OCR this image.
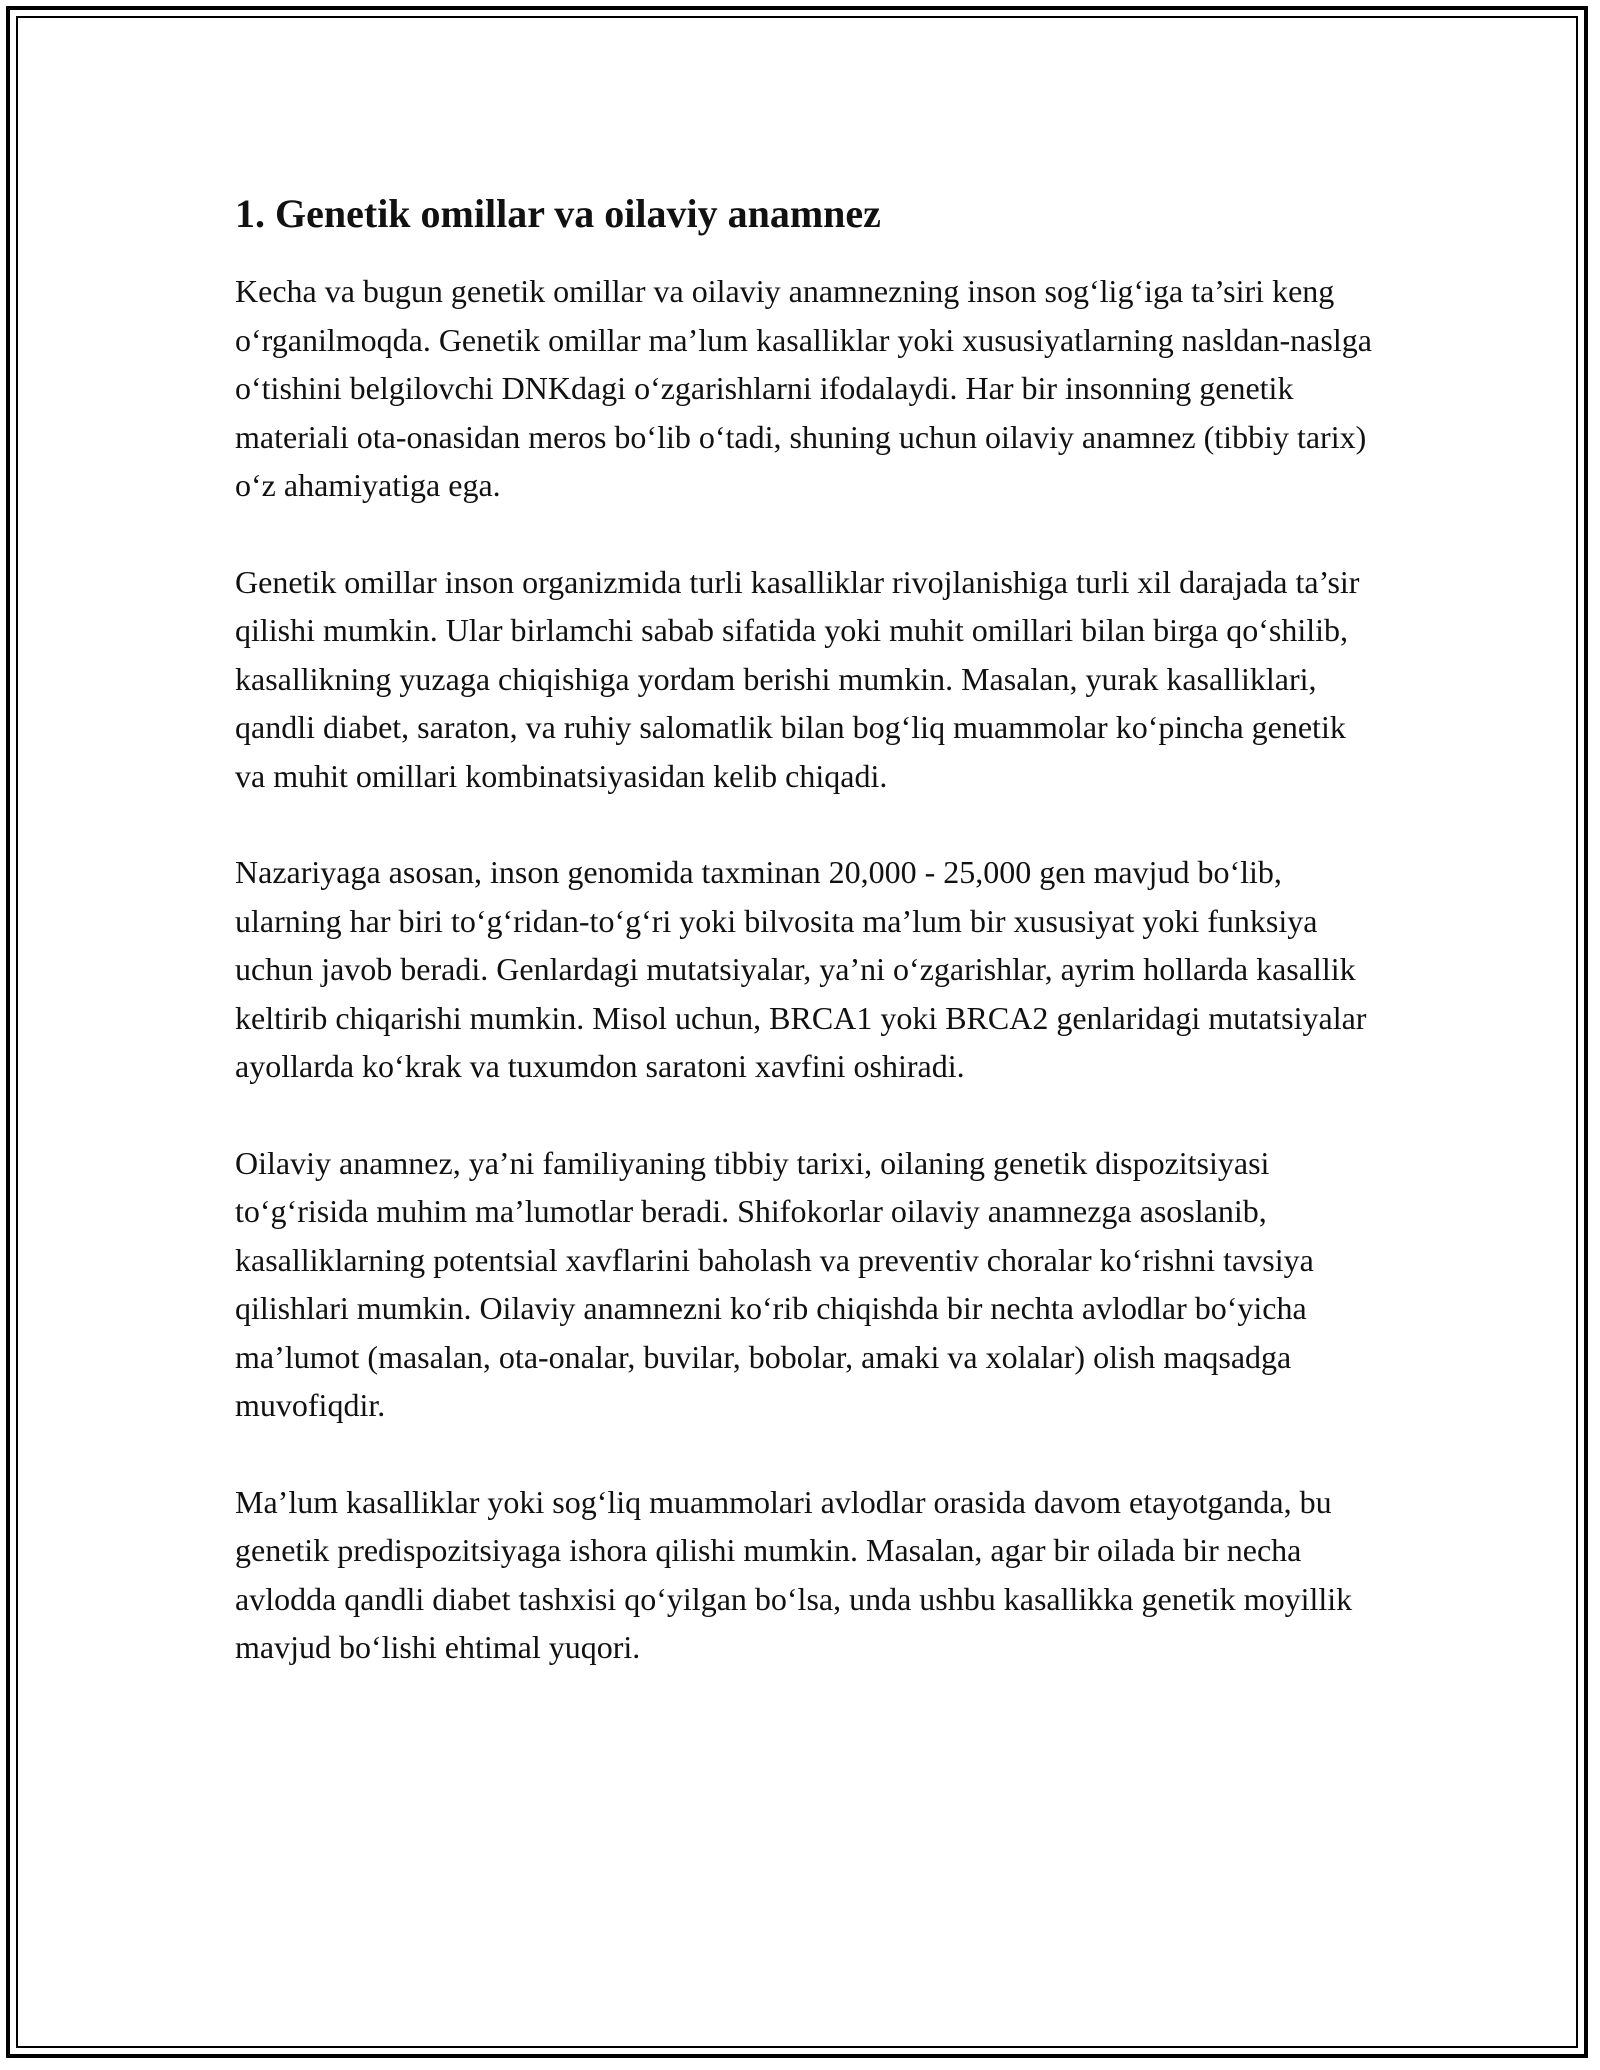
1. Genetik omillar va oilaviy anamnez

Kecha va bugun genetik omillar va oilaviy anamnezning inson sog‘lig‘iga ta’siri keng o‘rganilmoqda. Genetik omillar ma’lum kasalliklar yoki xususiyatlarning nasldan-naslga o‘tishini belgilovchi DNKdagi o‘zgarishlarni ifodalaydi. Har bir insonning genetik materiali ota-onasidan meros bo‘lib o‘tadi, shuning uchun oilaviy anamnez (tibbiy tarix) o‘z ahamiyatiga ega.

Genetik omillar inson organizmida turli kasalliklar rivojlanishiga turli xil darajada ta’sir qilishi mumkin. Ular birlamchi sabab sifatida yoki muhit omillari bilan birga qo‘shilib, kasallikning yuzaga chiqishiga yordam berishi mumkin. Masalan, yurak kasalliklari, qandli diabet, saraton, va ruhiy salomatlik bilan bog‘liq muammolar ko‘pincha genetik va muhit omillari kombinatsiyasidan kelib chiqadi.

Nazariyaga asosan, inson genomida taxminan 20,000 - 25,000 gen mavjud bo‘lib, ularning har biri to‘g‘ridan-to‘g‘ri yoki bilvosita ma’lum bir xususiyat yoki funksiya uchun javob beradi. Genlardagi mutatsiyalar, ya’ni o‘zgarishlar, ayrim hollarda kasallik keltirib chiqarishi mumkin. Misol uchun, BRCA1 yoki BRCA2 genlaridagi mutatsiyalar ayollarda ko‘krak va tuxumdon saratoni xavfini oshiradi.

Oilaviy anamnez, ya’ni familiyaning tibbiy tarixi, oilaning genetik dispozitsiyasi to‘g‘risida muhim ma’lumotlar beradi. Shifokorlar oilaviy anamnezga asoslanib, kasalliklarning potentsial xavflarini baholash va preventiv choralar ko‘rishni tavsiya qilishlari mumkin. Oilaviy anamnezni ko‘rib chiqishda bir nechta avlodlar bo‘yicha ma’lumot (masalan, ota-onalar, buvilar, bobolar, amaki va xolalar) olish maqsadga muvofiqdir.

Ma’lum kasalliklar yoki sog‘liq muammolari avlodlar orasida davom etayotganda, bu genetik predispozitsiyaga ishora qilishi mumkin. Masalan, agar bir oilada bir necha avlodda qandli diabet tashxisi qo‘yilgan bo‘lsa, unda ushbu kasallikka genetik moyillik mavjud bo‘lishi ehtimal yuqori.
